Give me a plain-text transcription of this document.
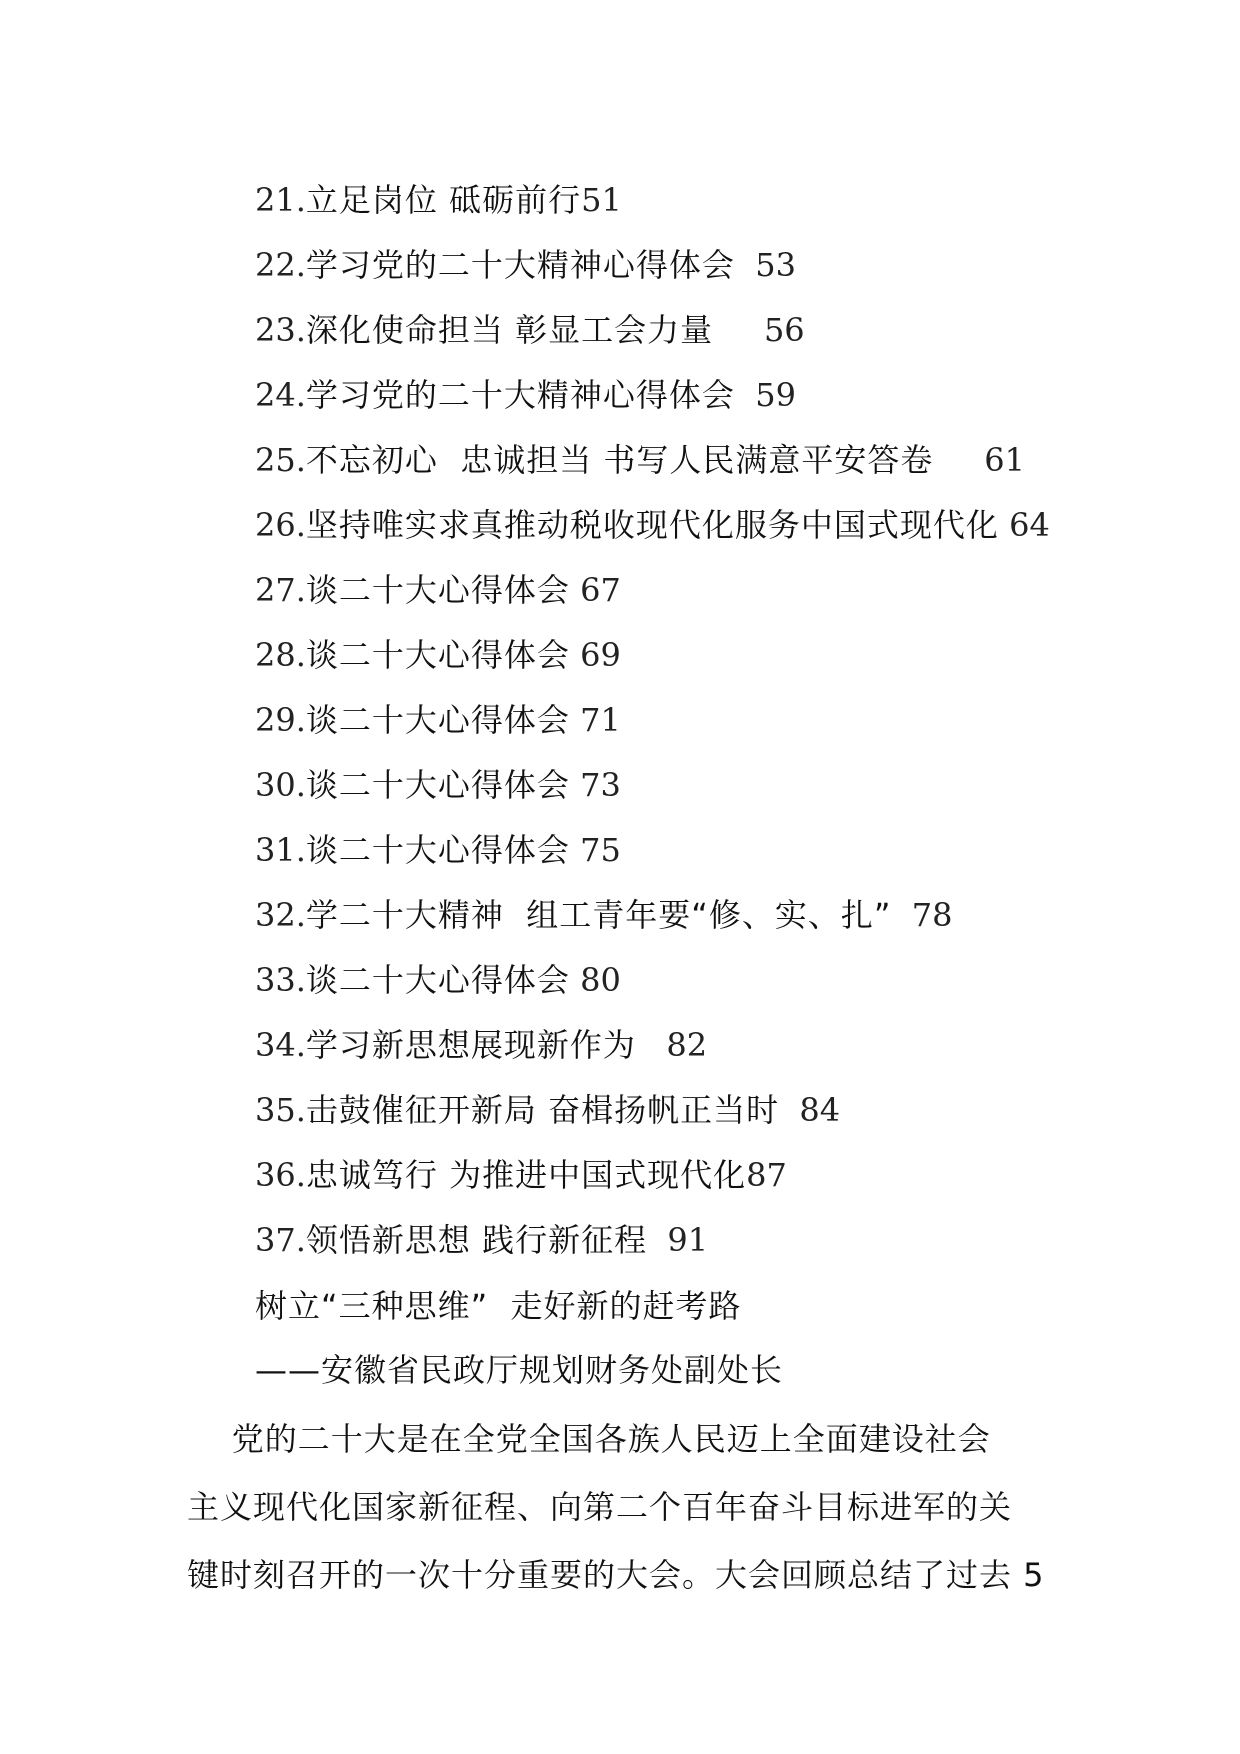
21.立足岗位 砥砺前行51
22.学习党的二十大精神心得体会 53
23.深化使命担当 彰显工会力量 56
24.学习党的二十大精神心得体会 59
25.不忘初心  忠诚担当 书写人民满意平安答卷 61
26.坚持唯实求真推动税收现代化服务中国式现代化 64
27.谈二十大心得体会 67
28.谈二十大心得体会 69
29.谈二十大心得体会 71
30.谈二十大心得体会 73
31.谈二十大心得体会 75
32.学二十大精神  组工青年要“修、实、扎” 78
33.谈二十大心得体会 80
34.学习新思想展现新作为 82
35.击鼓催征开新局 奋楫扬帆正当时 84
36.忠诚笃行 为推进中国式现代化87
37.领悟新思想 践行新征程 91
树立“三种思维”  走好新的赶考路
——安徽省民政厅规划财务处副处长
党的二十大是在全党全国各族人民迈上全面建设社会
主义现代化国家新征程、向第二个百年奋斗目标进军的关
键时刻召开的一次十分重要的大会。大会回顾总结了过去 5
